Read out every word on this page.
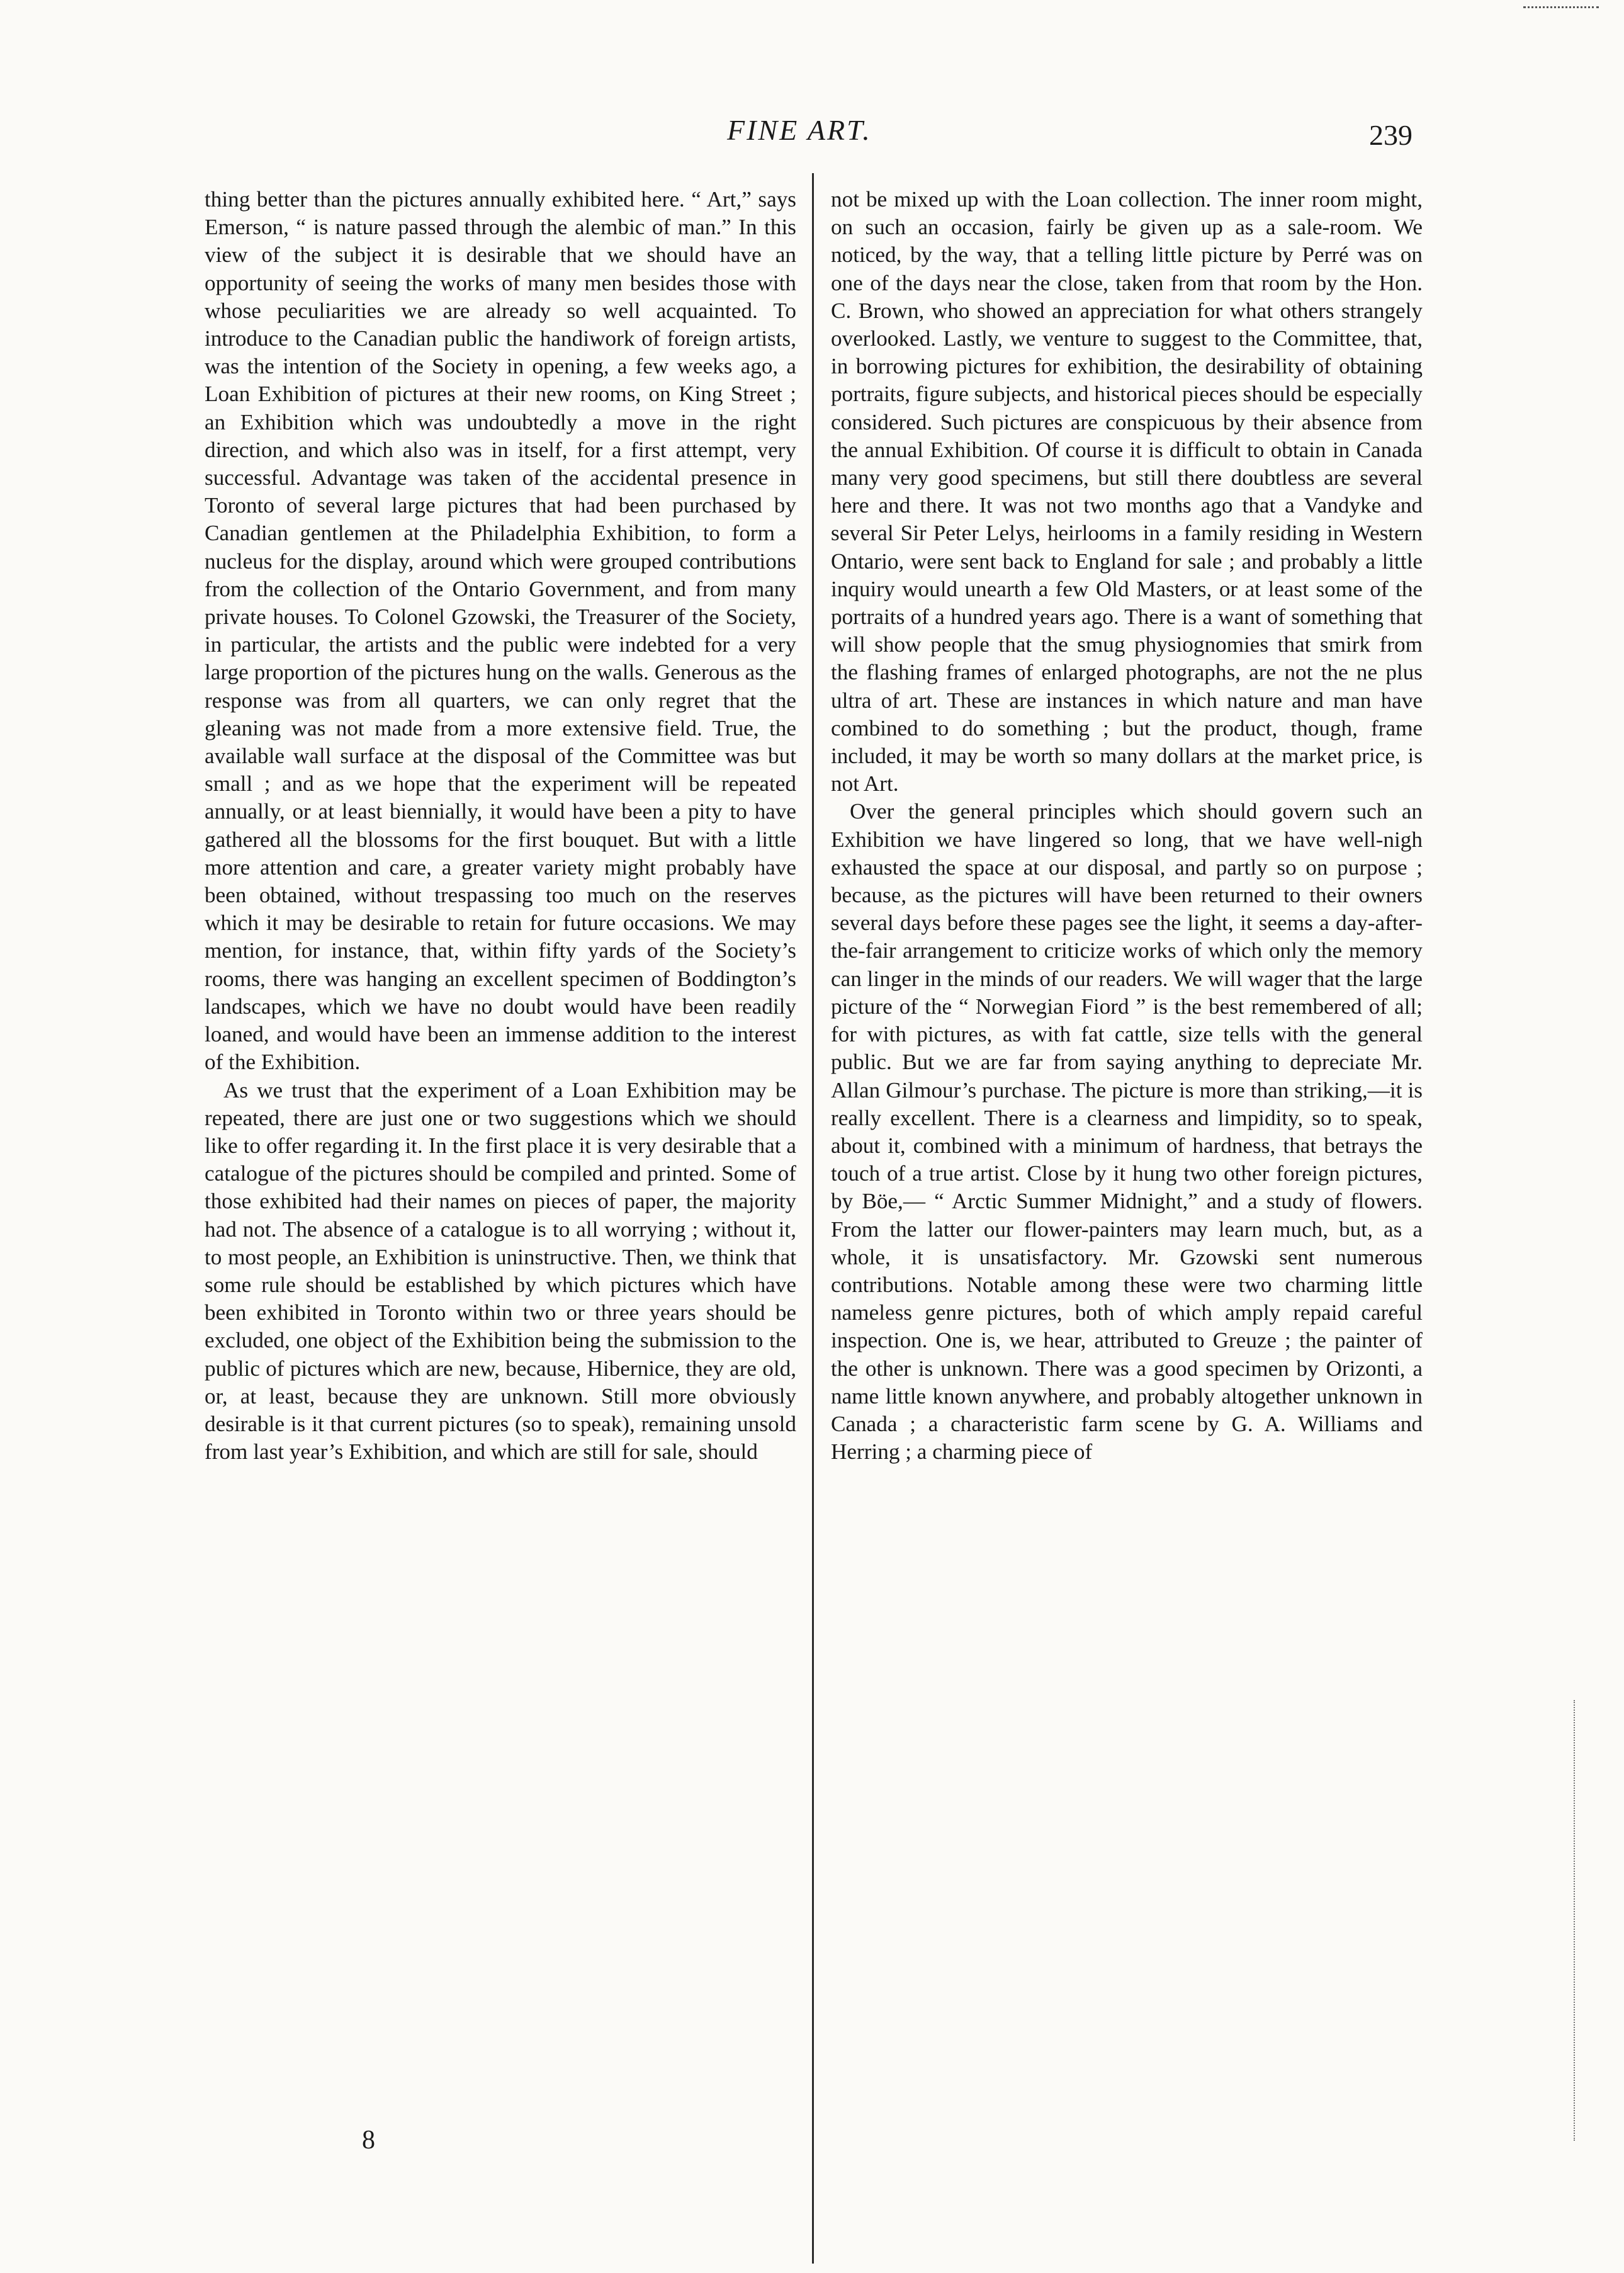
FINE ART.	239

thing better than the pictures annually exhibited here. “ Art,” says Emerson, “ is nature passed through the alembic of man.” In this view of the subject it is desirable that we should have an opportunity of seeing the works of many men besides those with whose peculiarities we are already so well acquainted. To introduce to the Canadian public the handiwork of foreign artists, was the intention of the Society in opening, a few weeks ago, a Loan Exhibition of pictures at their new rooms, on King Street ; an Exhibition which was undoubtedly a move in the right direction, and which also was in itself, for a first attempt, very successful. Advantage was taken of the accidental presence in Toronto of several large pictures that had been purchased by Canadian gentlemen at the Philadelphia Exhibition, to form a nucleus for the display, around which were grouped contributions from the collection of the Ontario Government, and from many private houses. To Colonel Gzowski, the Treasurer of the Society, in particular, the artists and the public were indebted for a very large proportion of the pictures hung on the walls. Generous as the response was from all quarters, we can only regret that the gleaning was not made from a more extensive field. True, the available wall surface at the disposal of the Committee was but small ; and as we hope that the experiment will be repeated annually, or at least biennially, it would have been a pity to have gathered all the blossoms for the first bouquet. But with a little more attention and care, a greater variety might probably have been obtained, without trespassing too much on the reserves which it may be desirable to retain for future occasions. We may mention, for instance, that, within fifty yards of the Society’s rooms, there was hanging an excellent specimen of Boddington’s landscapes, which we have no doubt would have been readily loaned, and would have been an immense addition to the interest of the Exhibition.

As we trust that the experiment of a Loan Exhibition may be repeated, there are just one or two suggestions which we should like to offer regarding it. In the first place it is very desirable that a catalogue of the pictures should be compiled and printed. Some of those exhibited had their names on pieces of paper, the majority had not. The absence of a catalogue is to all worrying ; without it, to most people, an Exhibition is uninstructive. Then, we think that some rule should be established by which pictures which have been exhibited in Toronto within two or three years should be excluded, one object of the Exhibition being the submission to the public of pictures which are new, because, Hibernice, they are old, or, at least, because they are unknown. Still more obviously desirable is it that current pictures (so to speak), remaining unsold from last year’s Exhibition, and which are still for sale, should

not be mixed up with the Loan collection. The inner room might, on such an occasion, fairly be given up as a sale-room. We noticed, by the way, that a telling little picture by Perré was on one of the days near the close, taken from that room by the Hon. C. Brown, who showed an appreciation for what others strangely overlooked. Lastly, we venture to suggest to the Committee, that, in borrowing pictures for exhibition, the desirability of obtaining portraits, figure subjects, and historical pieces should be especially considered. Such pictures are conspicuous by their absence from the annual Exhibition. Of course it is difficult to obtain in Canada many very good specimens, but still there doubtless are several here and there. It was not two months ago that a Vandyke and several Sir Peter Lelys, heirlooms in a family residing in Western Ontario, were sent back to England for sale ; and probably a little inquiry would unearth a few Old Masters, or at least some of the portraits of a hundred years ago. There is a want of something that will show people that the smug physiognomies that smirk from the flashing frames of enlarged photographs, are not the ne plus ultra of art. These are instances in which nature and man have combined to do something ; but the product, though, frame included, it may be worth so many dollars at the market price, is not Art.

Over the general principles which should govern such an Exhibition we have lingered so long, that we have well-nigh exhausted the space at our disposal, and partly so on purpose ; because, as the pictures will have been returned to their owners several days before these pages see the light, it seems a day-after-the-fair arrangement to criticize works of which only the memory can linger in the minds of our readers. We will wager that the large picture of the “ Norwegian Fiord ” is the best remembered of all; for with pictures, as with fat cattle, size tells with the general public. But we are far from saying anything to depreciate Mr. Allan Gilmour’s purchase. The picture is more than striking,—it is really excellent. There is a clearness and limpidity, so to speak, about it, combined with a minimum of hardness, that betrays the touch of a true artist. Close by it hung two other foreign pictures, by Böe,— “ Arctic Summer Midnight,” and a study of flowers. From the latter our flower-painters may learn much, but, as a whole, it is unsatisfactory. Mr. Gzowski sent numerous contributions. Notable among these were two charming little nameless genre pictures, both of which amply repaid careful inspection. One is, we hear, attributed to Greuze ; the painter of the other is unknown. There was a good specimen by Orizonti, a name little known anywhere, and probably altogether unknown in Canada ; a characteristic farm scene by G. A. Williams and Herring ; a charming piece of

8
